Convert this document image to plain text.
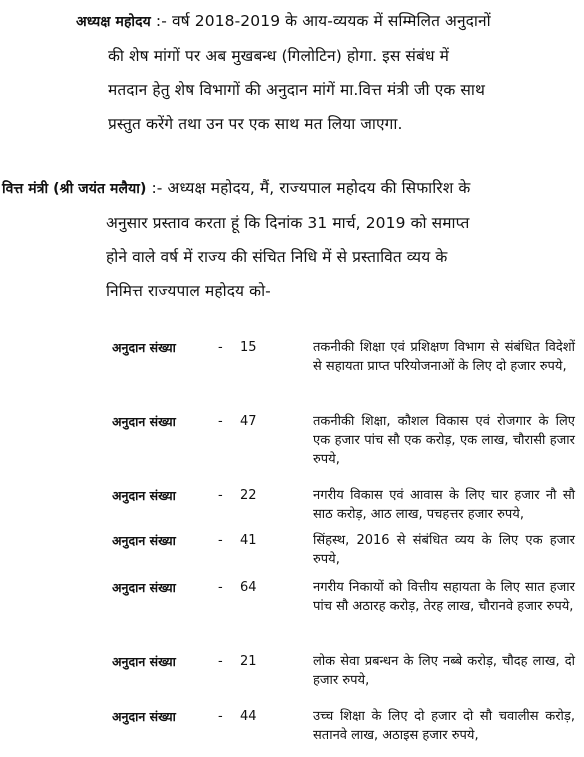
अध्यक्ष महोदय :- वर्ष 2018-2019 के आय-व्ययक में सम्मिलित अनुदानों
की शेष मांगों पर अब मुखबन्ध (गिलोटिन) होगा. इस संबंध में
मतदान हेतु शेष विभागों की अनुदान मांगें मा.वित्त मंत्री जी एक साथ
प्रस्तुत करेंगे तथा उन पर एक साथ मत लिया जाएगा.
वित्त मंत्री (श्री जयंत मलैया) :- अध्यक्ष महोदय, मैं, राज्यपाल महोदय की सिफारिश के
अनुसार प्रस्ताव करता हूं कि दिनांक 31 मार्च, 2019 को समाप्त
होने वाले वर्ष में राज्य की संचित निधि में से प्रस्तावित व्यय के
निमित्त राज्यपाल महोदय को-
अनुदान संख्या	- 15	तकनीकी शिक्षा एवं प्रशिक्षण विभाग से संबंधित विदेशों से सहायता प्राप्त परियोजनाओं के लिए दो हजार रुपये,
अनुदान संख्या	- 47	तकनीकी शिक्षा, कौशल विकास एवं रोजगार के लिए एक हजार पांच सौ एक करोड़, एक लाख, चौरासी हजार रुपये,
अनुदान संख्या	- 22	नगरीय विकास एवं आवास के लिए चार हजार नौ सौ साठ करोड़, आठ लाख, पचहत्तर हजार रुपये,
अनुदान संख्या	- 41	सिंहस्थ, 2016 से संबंधित व्यय के लिए एक हजार रुपये,
अनुदान संख्या	- 64	नगरीय निकायों को वित्तीय सहायता के लिए सात हजार पांच सौ अठारह करोड़, तेरह लाख, चौरानवे हजार रुपये,
अनुदान संख्या	- 21	लोक सेवा प्रबन्धन के लिए नब्बे करोड़, चौदह लाख, दो हजार रुपये,
अनुदान संख्या	- 44	उच्च शिक्षा के लिए दो हजार दो सौ चवालीस करोड़, सतानवे लाख, अठाइस हजार रुपये,
